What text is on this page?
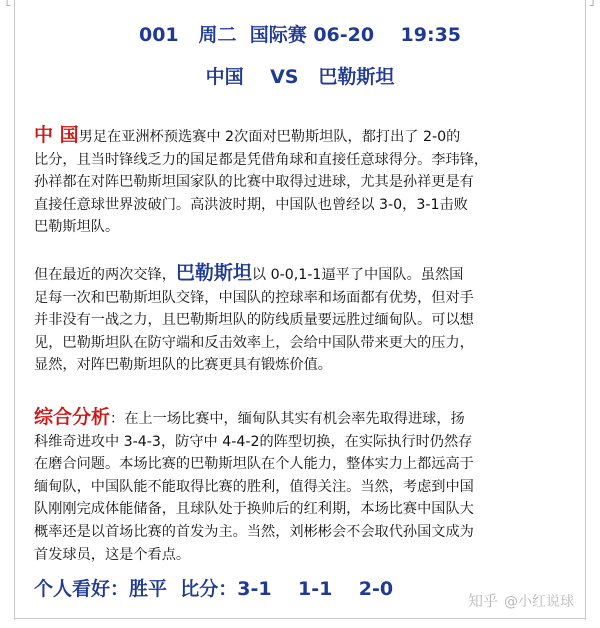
└	┘
001   周二  国际赛 06-20    19:35
中国    VS   巴勒斯坦
中 国男足在亚洲杯预选赛中 2次面对巴勒斯坦队，都打出了 2-0的
比分，且当时锋线乏力的国足都是凭借角球和直接任意球得分。李玮锋，
孙祥都在对阵巴勒斯坦国家队的比赛中取得过进球，尤其是孙祥更是有
直接任意球世界波破门。高洪波时期，中国队也曾经以 3-0，3-1击败
巴勒斯坦队。
但在最近的两次交锋，巴勒斯坦以 0-0,1-1逼平了中国队。虽然国
足每一次和巴勒斯坦队交锋，中国队的控球率和场面都有优势，但对手
并非没有一战之力，且巴勒斯坦队的防线质量要远胜过缅甸队。可以想
见，巴勒斯坦队在防守端和反击效率上，会给中国队带来更大的压力，
显然，对阵巴勒斯坦队的比赛更具有锻炼价值。
综合分析：在上一场比赛中，缅甸队其实有机会率先取得进球，扬
科维奇进攻中 3-4-3，防守中 4-4-2的阵型切换，在实际执行时仍然存
在磨合问题。本场比赛的巴勒斯坦队在个人能力，整体实力上都远高于
缅甸队，中国队能不能取得比赛的胜利，值得关注。当然，考虑到中国
队刚刚完成体能储备，且球队处于换帅后的红利期，本场比赛中国队大
概率还是以首场比赛的首发为主。当然，刘彬彬会不会取代孙国文成为
首发球员，这是个看点。
个人看好：胜平  比分：3-1    1-1    2-0
知乎 @小红说球
